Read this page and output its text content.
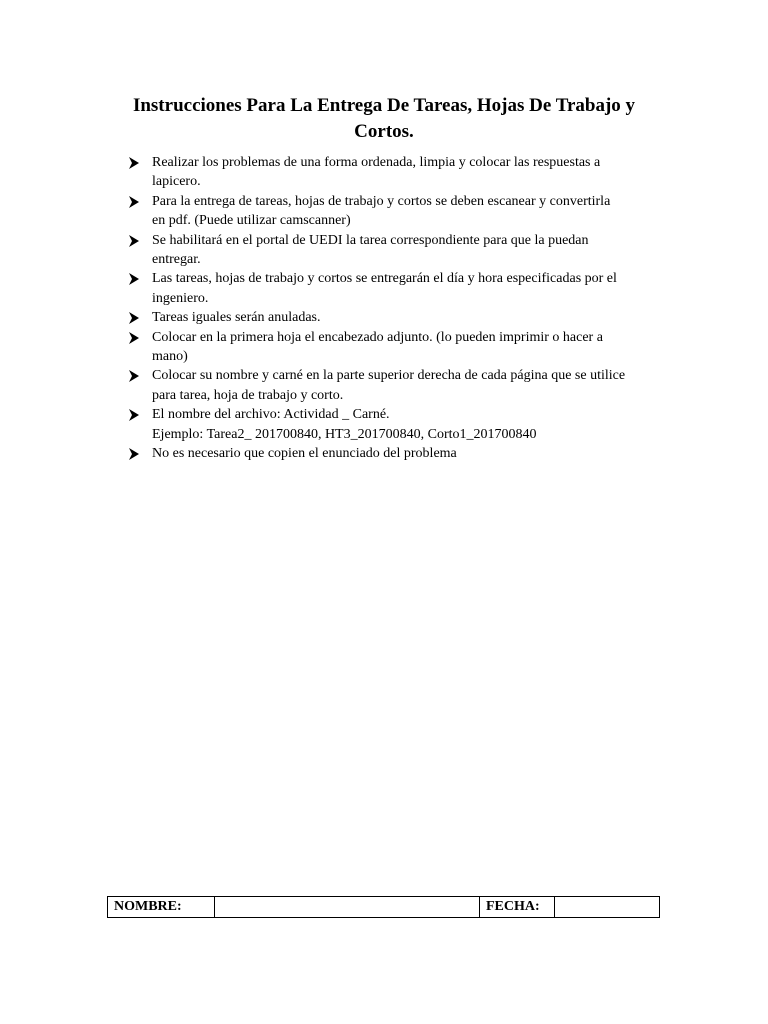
Instrucciones Para La Entrega De Tareas, Hojas De Trabajo y
Cortos.
Realizar los problemas de una forma ordenada, limpia y colocar las respuestas a
lapicero.
Para la entrega de tareas, hojas de trabajo y cortos se deben escanear y convertirla
en pdf. (Puede utilizar camscanner)
Se habilitará en el portal de UEDI la tarea correspondiente para que la puedan
entregar.
Las tareas, hojas de trabajo y cortos se entregarán el día y hora especificadas por el
ingeniero.
Tareas iguales serán anuladas.
Colocar en la primera hoja el encabezado adjunto. (lo pueden imprimir o hacer a
mano)
Colocar su nombre y carné en la parte superior derecha de cada página que se utilice
para tarea, hoja de trabajo y corto.
El nombre del archivo: Actividad _ Carné.
Ejemplo: Tarea2_ 201700840, HT3_201700840, Corto1_201700840
No es necesario que copien el enunciado del problema
NOMBRE:		FECHA:	
